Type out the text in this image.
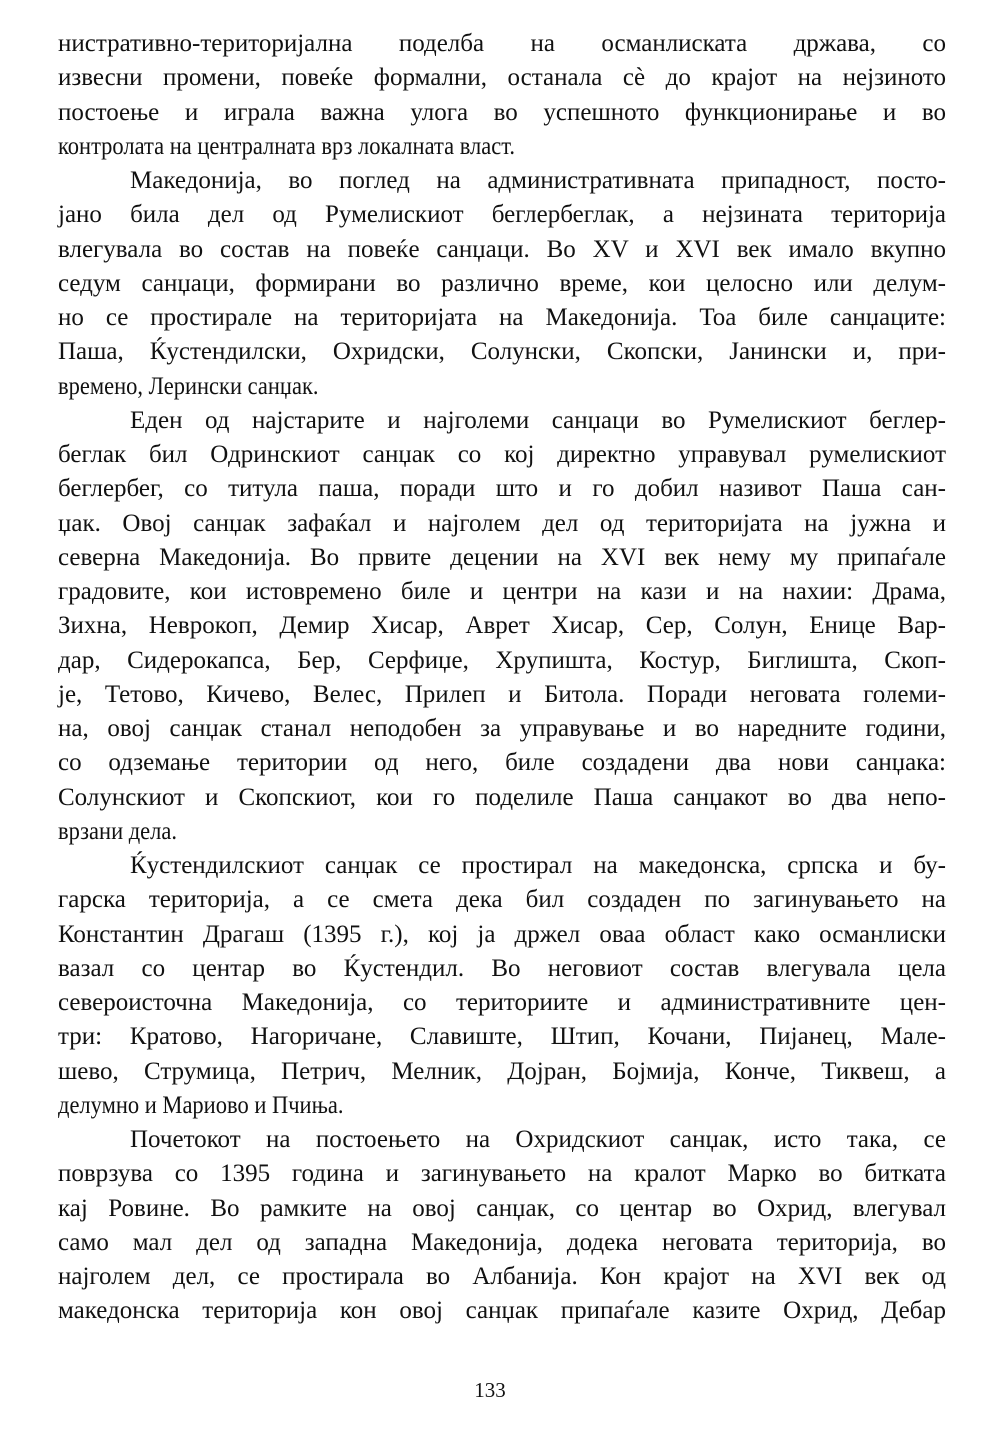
нистративно-територијална поделба на османлиската држава, со
извесни промени, повеќе формални, останала сѐ до крајот на нејзиното
постоење и играла важна улога во успешното функционирање и во
контролата на централната врз локалната власт.
Македонија, во поглед на административната припадност, посто-
јано била дел од Румелискиот беглербеглак, а нејзината територија
влегувала во состав на повеќе санџаци. Во XV и XVI век имало вкупно
седум санџаци, формирани во различно време, кои целосно или делум-
но се простирале на територијата на Македонија. Тоа биле санџаците:
Паша, Ќустендилски, Охридски, Солунски, Скопски, Јанински и, при-
времено, Лерински санџак.
Еден од најстарите и најголеми санџаци во Румелискиот беглер-
беглак бил Одринскиот санџак со кој директно управувал румелискиот
беглербег, со титула паша, поради што и го добил називот Паша сан-
џак. Овој санџак зафаќал и најголем дел од територијата на јужна и
северна Македонија. Во првите децении на XVI век нему му припаѓале
градовите, кои истовремено биле и центри на кази и на нахии: Драма,
Зихна, Неврокоп, Демир Хисар, Аврет Хисар, Сер, Солун, Енице Вар-
дар, Сидерокапса, Бер, Серфиџе, Хрупишта, Костур, Биглишта, Скоп-
је, Тетово, Кичево, Велес, Прилеп и Битола. Поради неговата големи-
на, овој санџак станал неподобен за управување и во наредните години,
со одземање територии од него, биле создадени два нови санџака:
Солунскиот и Скопскиот, кои го поделиле Паша санџакот во два непо-
врзани дела.
Ќустендилскиот санџак се простирал на македонска, српска и бу-
гарска територија, а се смета дека бил создаден по загинувањето на
Константин Драгаш (1395 г.), кој ја држел оваа област како османлиски
вазал со центар во Ќустендил. Во неговиот состав влегувала цела
североисточна Македонија, со териториите и административните цен-
три: Кратово, Нагоричане, Славиште, Штип, Кочани, Пијанец, Мале-
шево, Струмица, Петрич, Мелник, Дојран, Бојмија, Конче, Тиквеш, а
делумно и Мариово и Пчиња.
Почетокот на постоењето на Охридскиот санџак, исто така, се
поврзува со 1395 година и загинувањето на кралот Марко во битката
кај Ровине. Во рамките на овој санџак, со центар во Охрид, влегувал
само мал дел од западна Македонија, додека неговата територија, во
најголем дел, се простирала во Албанија. Кон крајот на XVI век од
македонска територија кон овој санџак припаѓале казите Охрид, Дебар
133
